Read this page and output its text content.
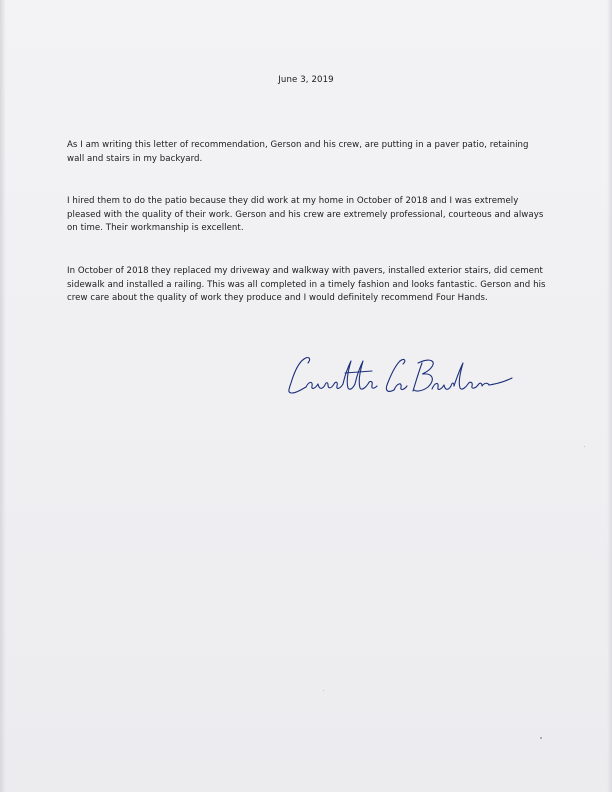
June 3, 2019

As I am writing this letter of recommendation, Gerson and his crew, are putting in a paver patio, retaining wall and stairs in my backyard.

I hired them to do the patio because they did work at my home in October of 2018 and I was extremely pleased with the quality of their work. Gerson and his crew are extremely professional, courteous and always on time. Their workmanship is excellent.

In October of 2018 they replaced my driveway and walkway with pavers, installed exterior stairs, did cement sidewalk and installed a railing. This was all completed in a timely fashion and looks fantastic. Gerson and his crew care about the quality of work they produce and I would definitely recommend Four Hands.
